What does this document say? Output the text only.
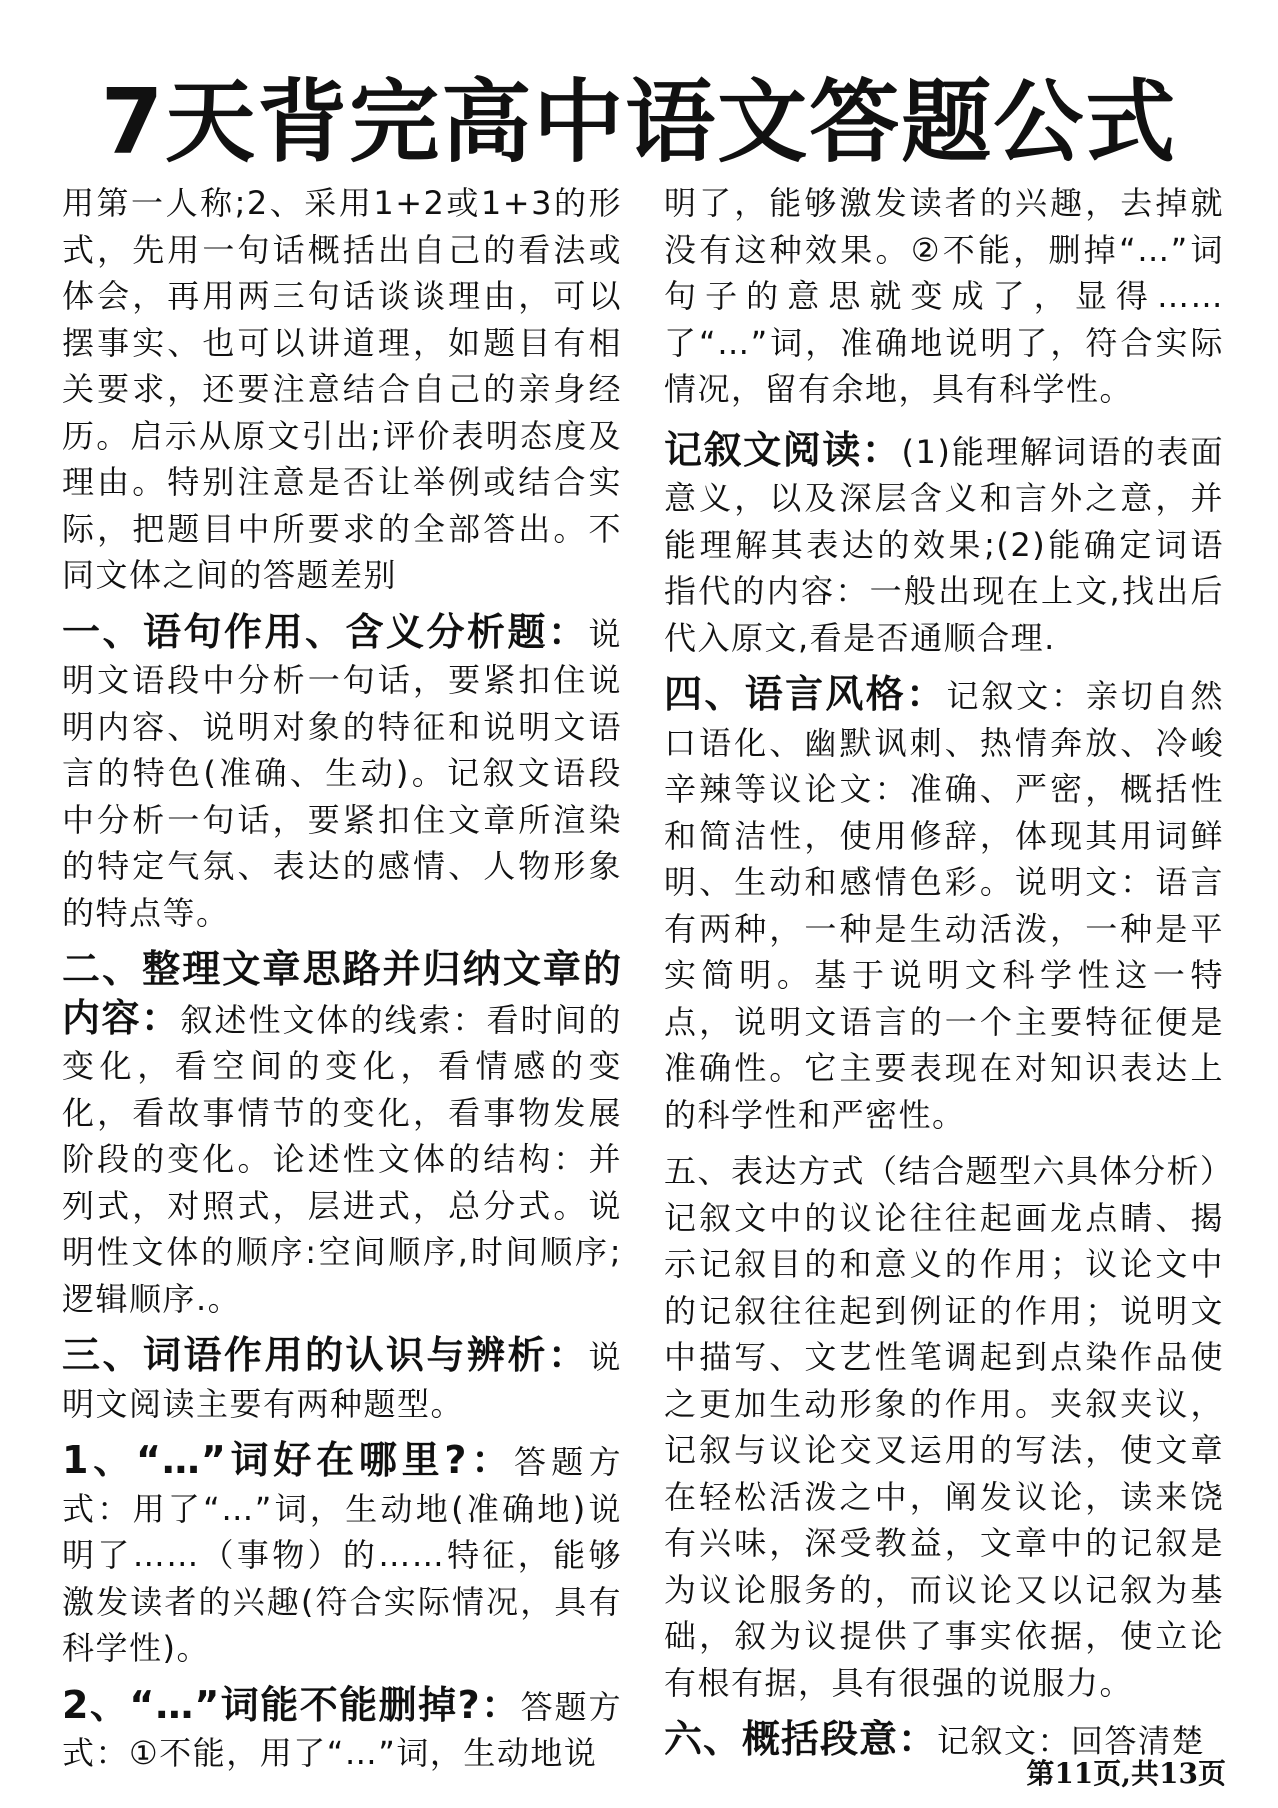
7天背完高中语文答题公式
用第一人称;2、采用1+2或1+3的形式，先用一句话概括出自己的看法或体会，再用两三句话谈谈理由，可以摆事实、也可以讲道理，如题目有相关要求，还要注意结合自己的亲身经历。启示从原文引出;评价表明态度及理由。特别注意是否让举例或结合实际，把题目中所要求的全部答出。不同文体之间的答题差别
一、语句作用、含义分析题：说明文语段中分析一句话，要紧扣住说明内容、说明对象的特征和说明文语言的特色(准确、生动)。记叙文语段中分析一句话，要紧扣住文章所渲染的特定气氛、表达的感情、人物形象的特点等。
二、整理文章思路并归纳文章的内容：叙述性文体的线索：看时间的变化，看空间的变化，看情感的变化，看故事情节的变化，看事物发展阶段的变化。论述性文体的结构：并列式，对照式，层进式，总分式。说明性文体的顺序:空间顺序,时间顺序;逻辑顺序.。
三、词语作用的认识与辨析：说明文阅读主要有两种题型。
1、“…”词好在哪里?：答题方式：用了“…”词，生动地(准确地)说明了……（事物）的……特征，能够激发读者的兴趣(符合实际情况，具有科学性)。
2、“…”词能不能删掉?：答题方式：①不能，用了“…”词，生动地说
明了，能够激发读者的兴趣，去掉就没有这种效果。②不能，删掉“…”词句子的意思就变成了，显得…… 了“…”词，准确地说明了，符合实际情况，留有余地，具有科学性。
记叙文阅读：(1)能理解词语的表面意义，以及深层含义和言外之意，并能理解其表达的效果;(2)能确定词语指代的内容：一般出现在上文,找出后代入原文,看是否通顺合理.
四、语言风格：记叙文：亲切自然口语化、幽默讽刺、热情奔放、冷峻辛辣等议论文：准确、严密，概括性和简洁性，使用修辞，体现其用词鲜明、生动和感情色彩。说明文：语言有两种，一种是生动活泼，一种是平实简明。基于说明文科学性这一特点，说明文语言的一个主要特征便是准确性。它主要表现在对知识表达上的科学性和严密性。
五、表达方式（结合题型六具体分析）
记叙文中的议论往往起画龙点睛、揭示记叙目的和意义的作用；议论文中的记叙往往起到例证的作用；说明文中描写、文艺性笔调起到点染作品使之更加生动形象的作用。夹叙夹议，记叙与议论交叉运用的写法，使文章在轻松活泼之中，阐发议论，读来饶有兴味，深受教益，文章中的记叙是为议论服务的，而议论又以记叙为基础，叙为议提供了事实依据，使立论有根有据，具有很强的说服力。
六、概括段意：记叙文：回答清楚
第11页,共13页
